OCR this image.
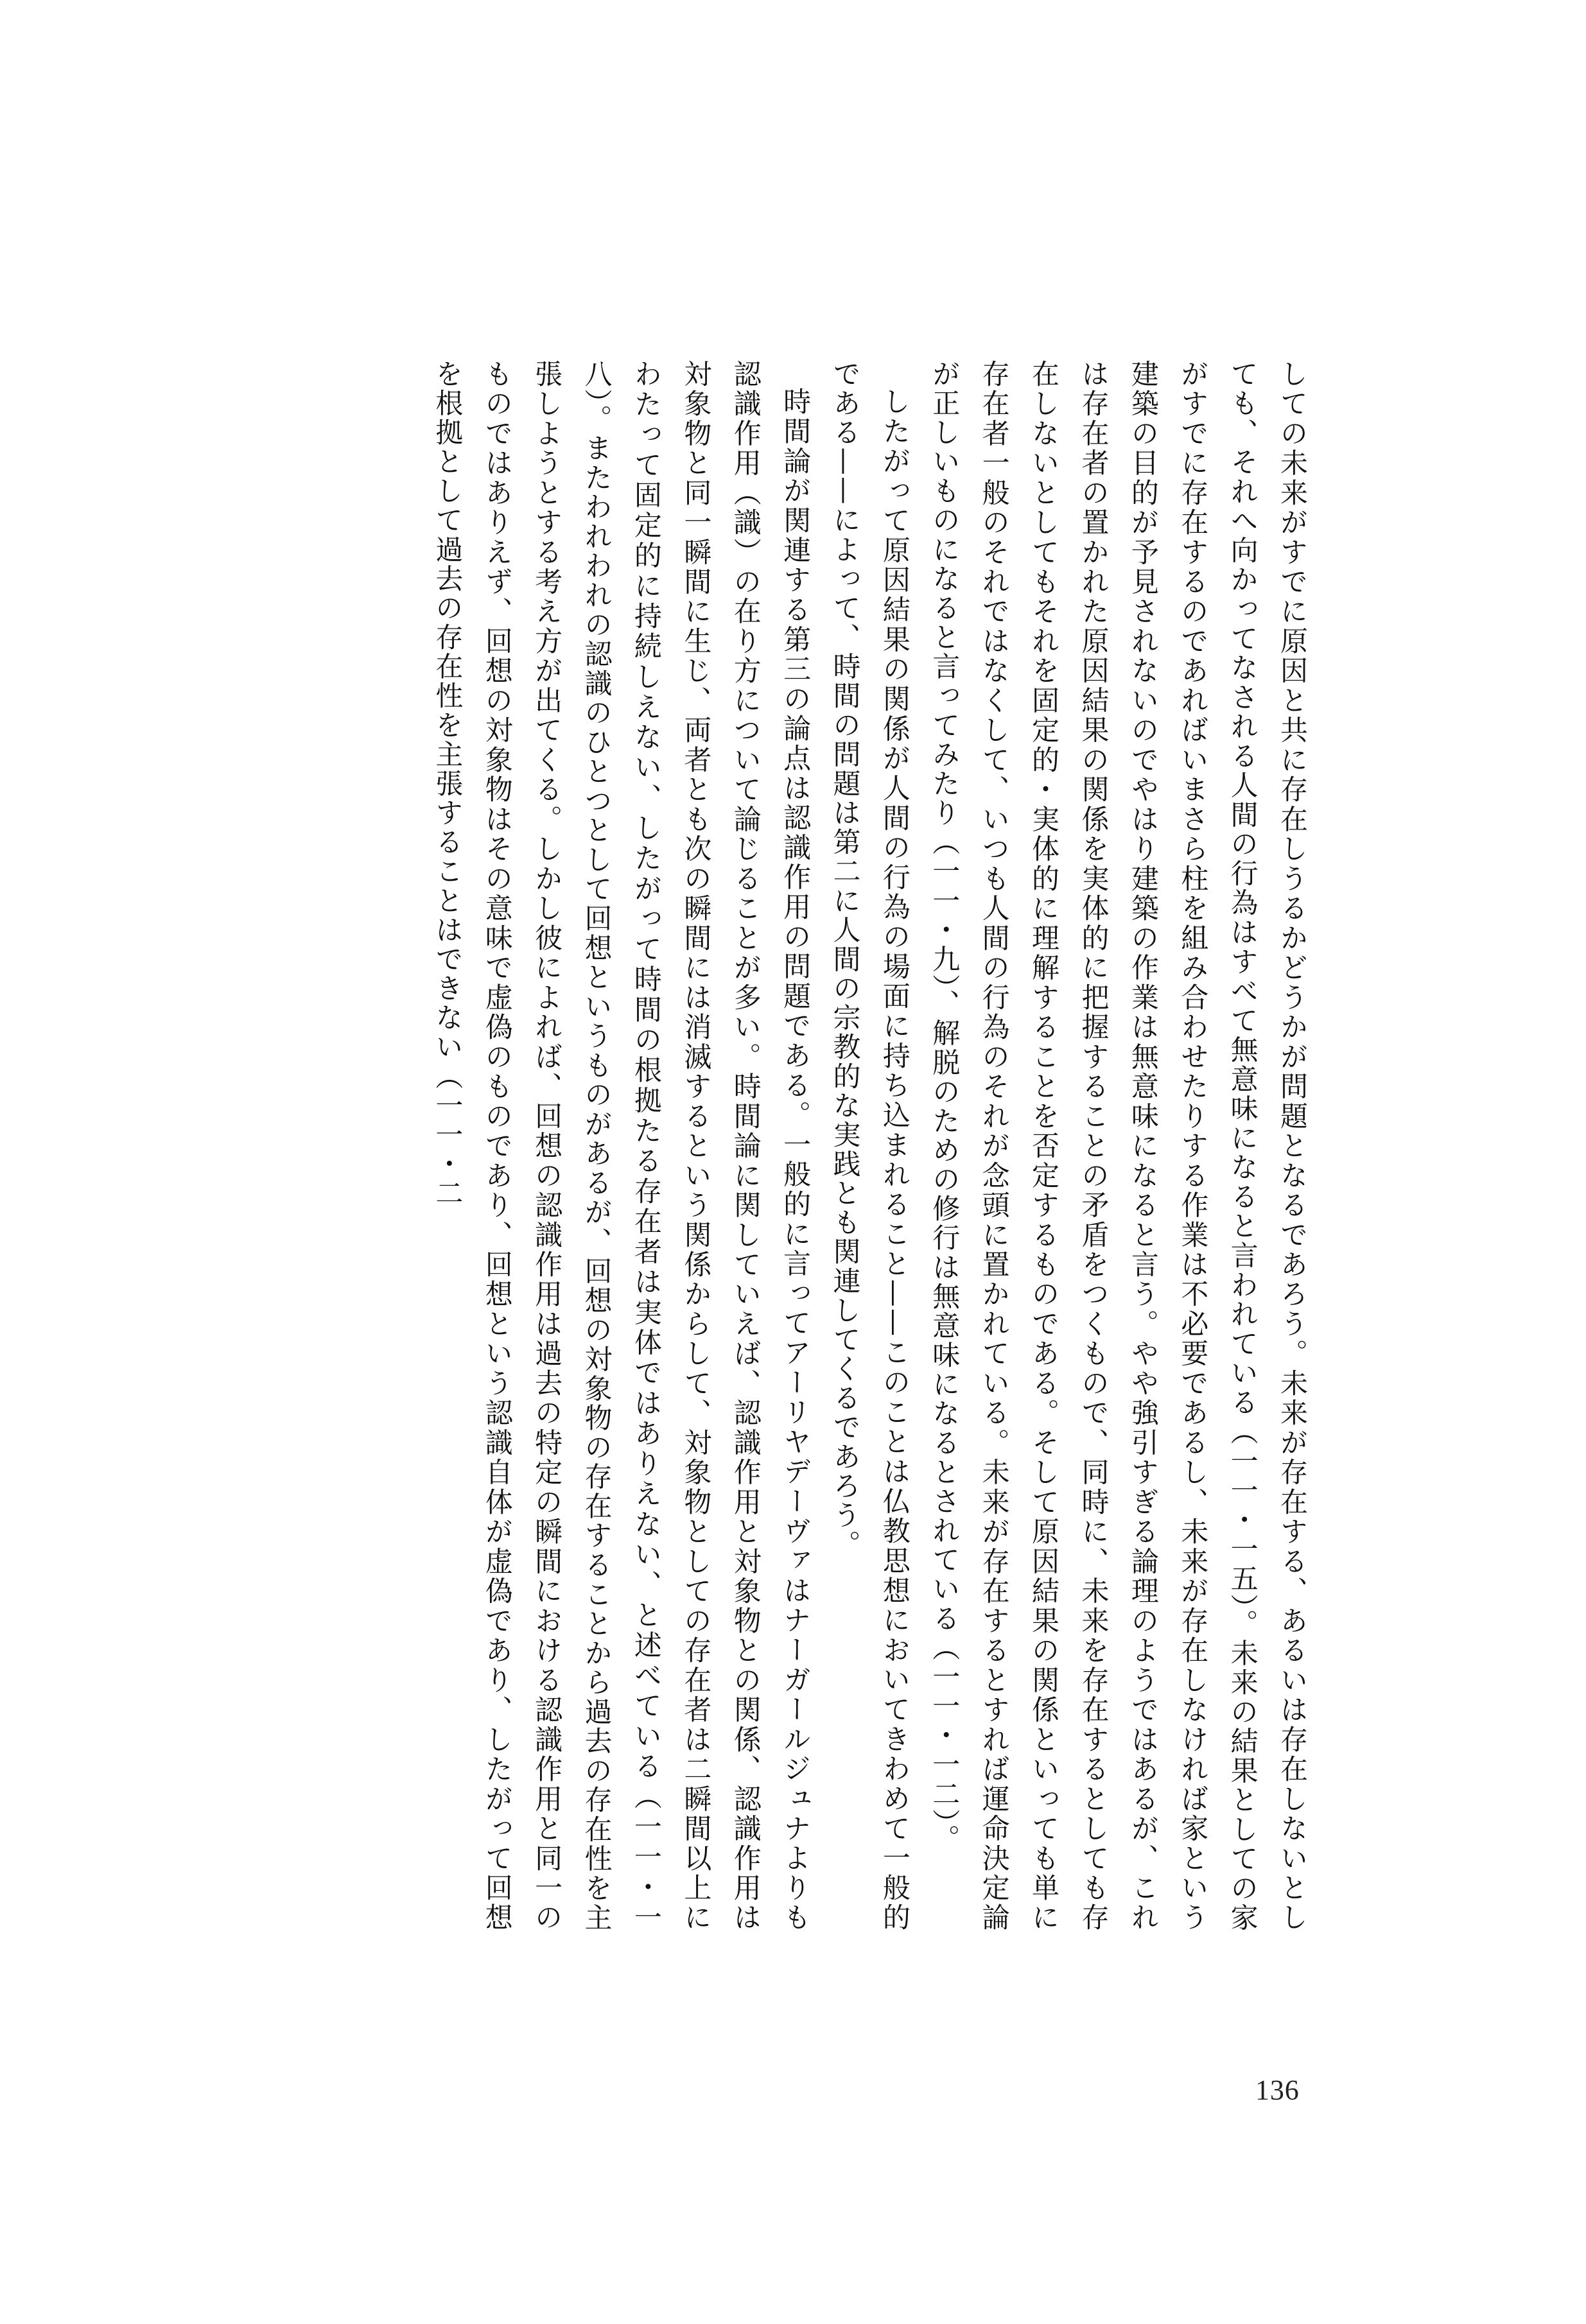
しての未来がすでに原因と共に存在しうるかどうかが問題となるであろう。未来が存在する、あるいは存在しないとしても、それへ向かってなされる人間の行為はすべて無意味になると言われている（一一・一五）。未来の結果としての家がすでに存在するのであればいまさら柱を組み合わせたりする作業は不必要であるし、未来が存在しなければ家という建築の目的が予見されないのでやはり建築の作業は無意味になると言う。やや強引すぎる論理のようではあるが、これは存在者の置かれた原因結果の関係を実体的に把握することの矛盾をつくもので、同時に、未来を存在するとしても存在しないとしてもそれを固定的・実体的に理解することを否定するものである。そして原因結果の関係といっても単に存在者一般のそれではなくして、いつも人間の行為のそれが念頭に置かれている。未来が存在するとすれば運命決定論が正しいものになると言ってみたり（一一・九）、解脱のための修行は無意味になるとされている（一一・一二）。

したがって原因結果の関係が人間の行為の場面に持ち込まれること——このことは仏教思想においてきわめて一般的である——によって、時間の問題は第二に人間の宗教的な実践とも関連してくるであろう。

時間論が関連する第三の論点は認識作用の問題である。一般的に言ってアーリヤデーヴァはナーガールジュナよりも認識作用（識）の在り方について論じることが多い。時間論に関していえば、認識作用と対象物との関係、認識作用は対象物と同一瞬間に生じ、両者とも次の瞬間には消滅するという関係からして、対象物としての存在者は二瞬間以上にわたって固定的に持続しえない、したがって時間の根拠たる存在者は実体ではありえない、と述べている（一一・一八）。またわれわれの認識のひとつとして回想というものがあるが、回想の対象物の存在することから過去の存在性を主張しようとする考え方が出てくる。しかし彼によれば、回想の認識作用は過去の特定の瞬間における認識作用と同一のものではありえず、回想の対象物はその意味で虚偽のものであり、回想という認識自体が虚偽であり、したがって回想を根拠として過去の存在性を主張することはできない（一一・二

136
